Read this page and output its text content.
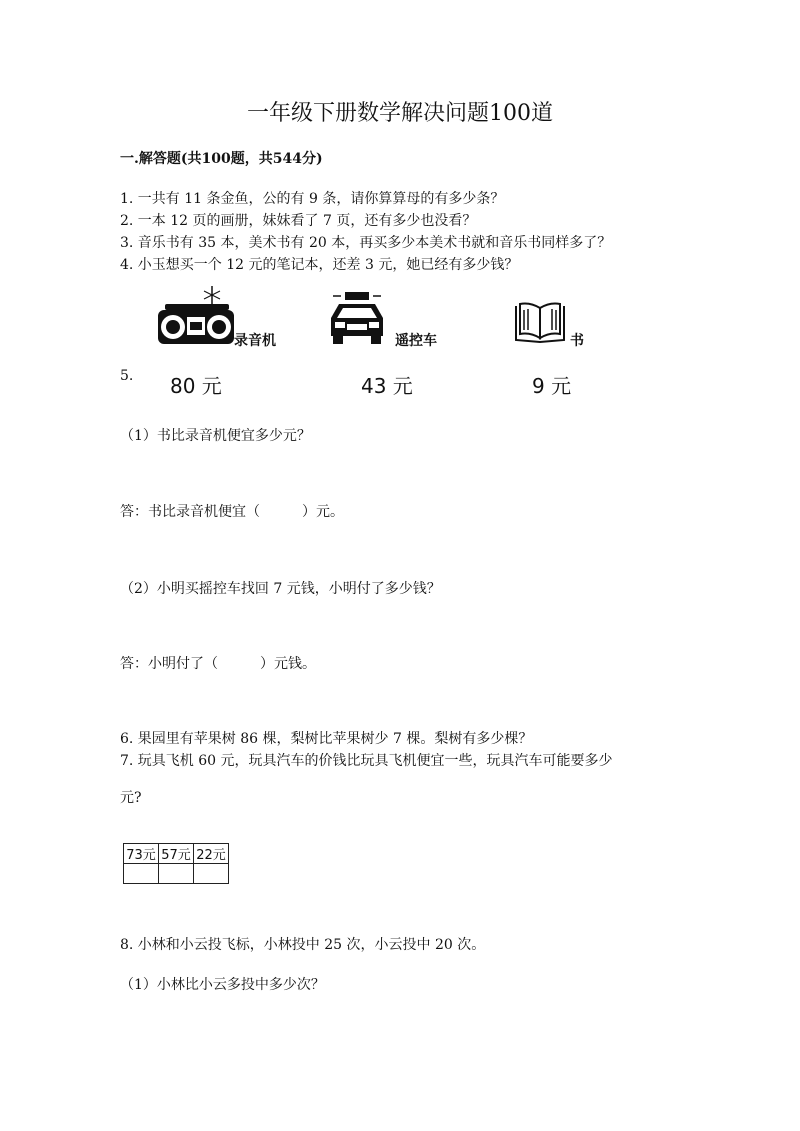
一年级下册数学解决问题100道
一.解答题(共100题，共544分)
1. 一共有 11 条金鱼，公的有 9 条，请你算算母的有多少条？
2. 一本 12 页的画册，妹妹看了 7 页，还有多少也没看？
3. 音乐书有 35 本，美术书有 20 本，再买多少本美术书就和音乐书同样多了？
4. 小玉想买一个 12 元的笔记本，还差 3 元，她已经有多少钱？
5.
录音机
80 元
遥控车
43 元
书
9 元
（1）书比录音机便宜多少元？
答：书比录音机便宜（　　　）元。
（2）小明买摇控车找回 7 元钱，小明付了多少钱？
答：小明付了（　　　）元钱。
6. 果园里有苹果树 86 棵，梨树比苹果树少 7 棵。梨树有多少棵？
7. 玩具飞机 60 元，玩具汽车的价钱比玩具飞机便宜一些，玩具汽车可能要多少
元?
73元	57元	22元

8. 小林和小云投飞标，小林投中 25 次，小云投中 20 次。
（1）小林比小云多投中多少次？
